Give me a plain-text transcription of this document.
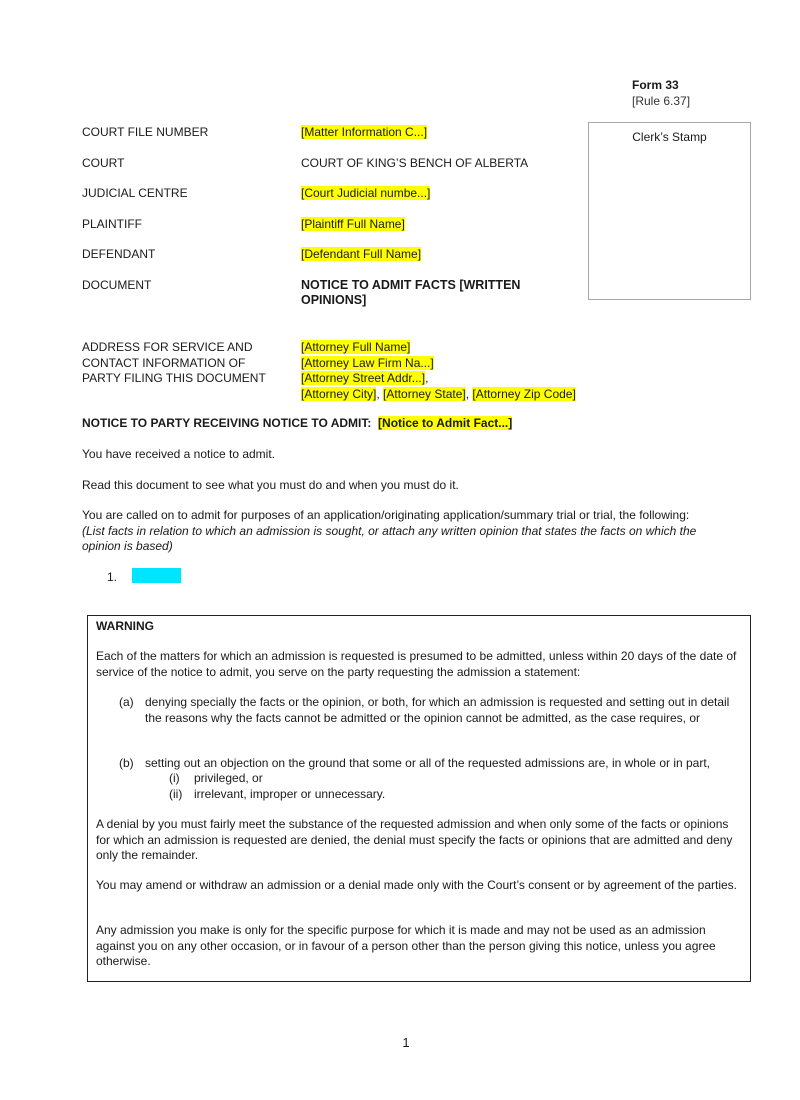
Form 33
[Rule 6.37]
Clerk’s Stamp
COURT FILE NUMBER	[Matter Information C...]
COURT	COURT OF KING’S BENCH OF ALBERTA
JUDICIAL CENTRE	[Court Judicial numbe...]
PLAINTIFF	[Plaintiff Full Name]
DEFENDANT	[Defendant Full Name]
DOCUMENT	NOTICE TO ADMIT FACTS [WRITTEN OPINIONS]
ADDRESS FOR SERVICE AND
CONTACT INFORMATION OF
PARTY FILING THIS DOCUMENT
[Attorney Full Name]
[Attorney Law Firm Na...]
[Attorney Street Addr...],
[Attorney City], [Attorney State], [Attorney Zip Code]
NOTICE TO PARTY RECEIVING NOTICE TO ADMIT: [Notice to Admit Fact...]
You have received a notice to admit.
Read this document to see what you must do and when you must do it.
You are called on to admit for purposes of an application/originating application/summary trial or trial, the following:
(List facts in relation to which an admission is sought, or attach any written opinion that states the facts on which the opinion is based)
1.
WARNING
Each of the matters for which an admission is requested is presumed to be admitted, unless within 20 days of the date of service of the notice to admit, you serve on the party requesting the admission a statement:
(a) denying specially the facts or the opinion, or both, for which an admission is requested and setting out in detail the reasons why the facts cannot be admitted or the opinion cannot be admitted, as the case requires, or
(b) setting out an objection on the ground that some or all of the requested admissions are, in whole or in part,
(i) privileged, or
(ii) irrelevant, improper or unnecessary.
A denial by you must fairly meet the substance of the requested admission and when only some of the facts or opinions for which an admission is requested are denied, the denial must specify the facts or opinions that are admitted and deny only the remainder.
You may amend or withdraw an admission or a denial made only with the Court’s consent or by agreement of the parties.
Any admission you make is only for the specific purpose for which it is made and may not be used as an admission against you on any other occasion, or in favour of a person other than the person giving this notice, unless you agree otherwise.
1
